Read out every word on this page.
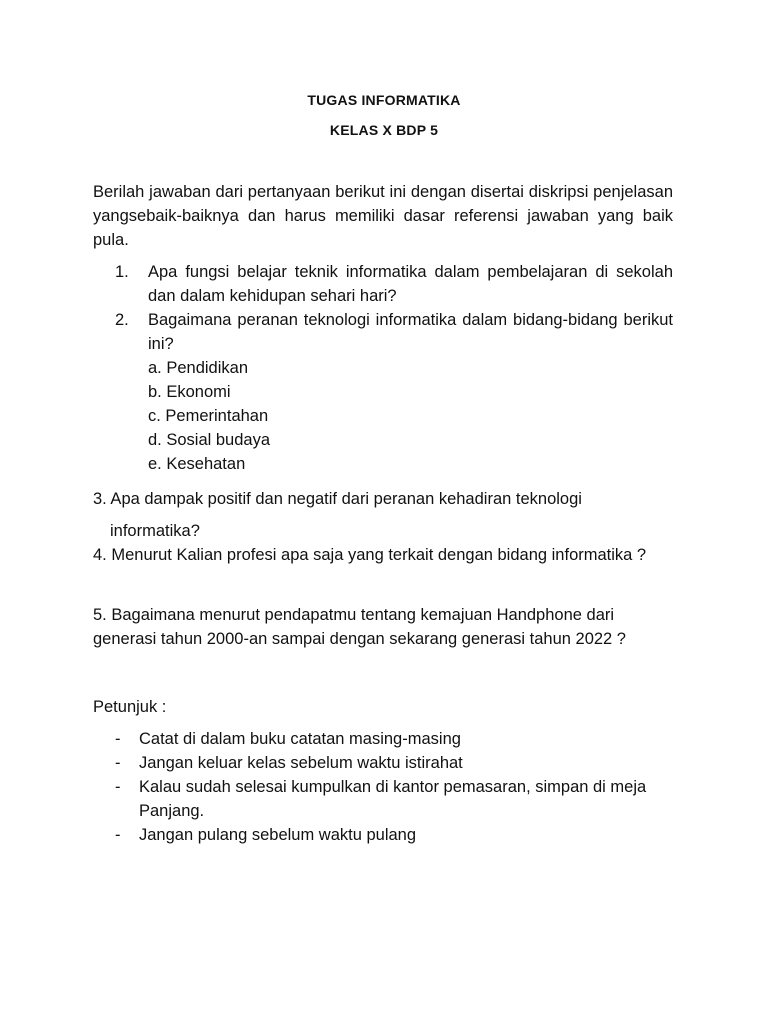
TUGAS INFORMATIKA
KELAS X BDP 5

Berilah jawaban dari pertanyaan berikut ini dengan disertai diskripsi penjelasan yangsebaik-baiknya dan harus memiliki dasar referensi jawaban yang baik pula.

1. Apa fungsi belajar teknik informatika dalam pembelajaran di sekolah dan dalam kehidupan sehari hari?
2. Bagaimana peranan teknologi informatika dalam bidang-bidang berikut ini?
a. Pendidikan
b. Ekonomi
c. Pemerintahan
d. Sosial budaya
e. Kesehatan

3. Apa dampak positif dan negatif dari peranan kehadiran teknologi

informatika?

4. Menurut Kalian profesi apa saja yang terkait dengan bidang informatika ?

5. Bagaimana menurut pendapatmu tentang kemajuan Handphone dari generasi tahun 2000-an sampai dengan sekarang generasi tahun 2022 ?

Petunjuk :

- Catat di dalam buku catatan masing-masing
- Jangan keluar kelas sebelum waktu istirahat
- Kalau sudah selesai kumpulkan di kantor pemasaran, simpan di meja Panjang.
- Jangan pulang sebelum waktu pulang
